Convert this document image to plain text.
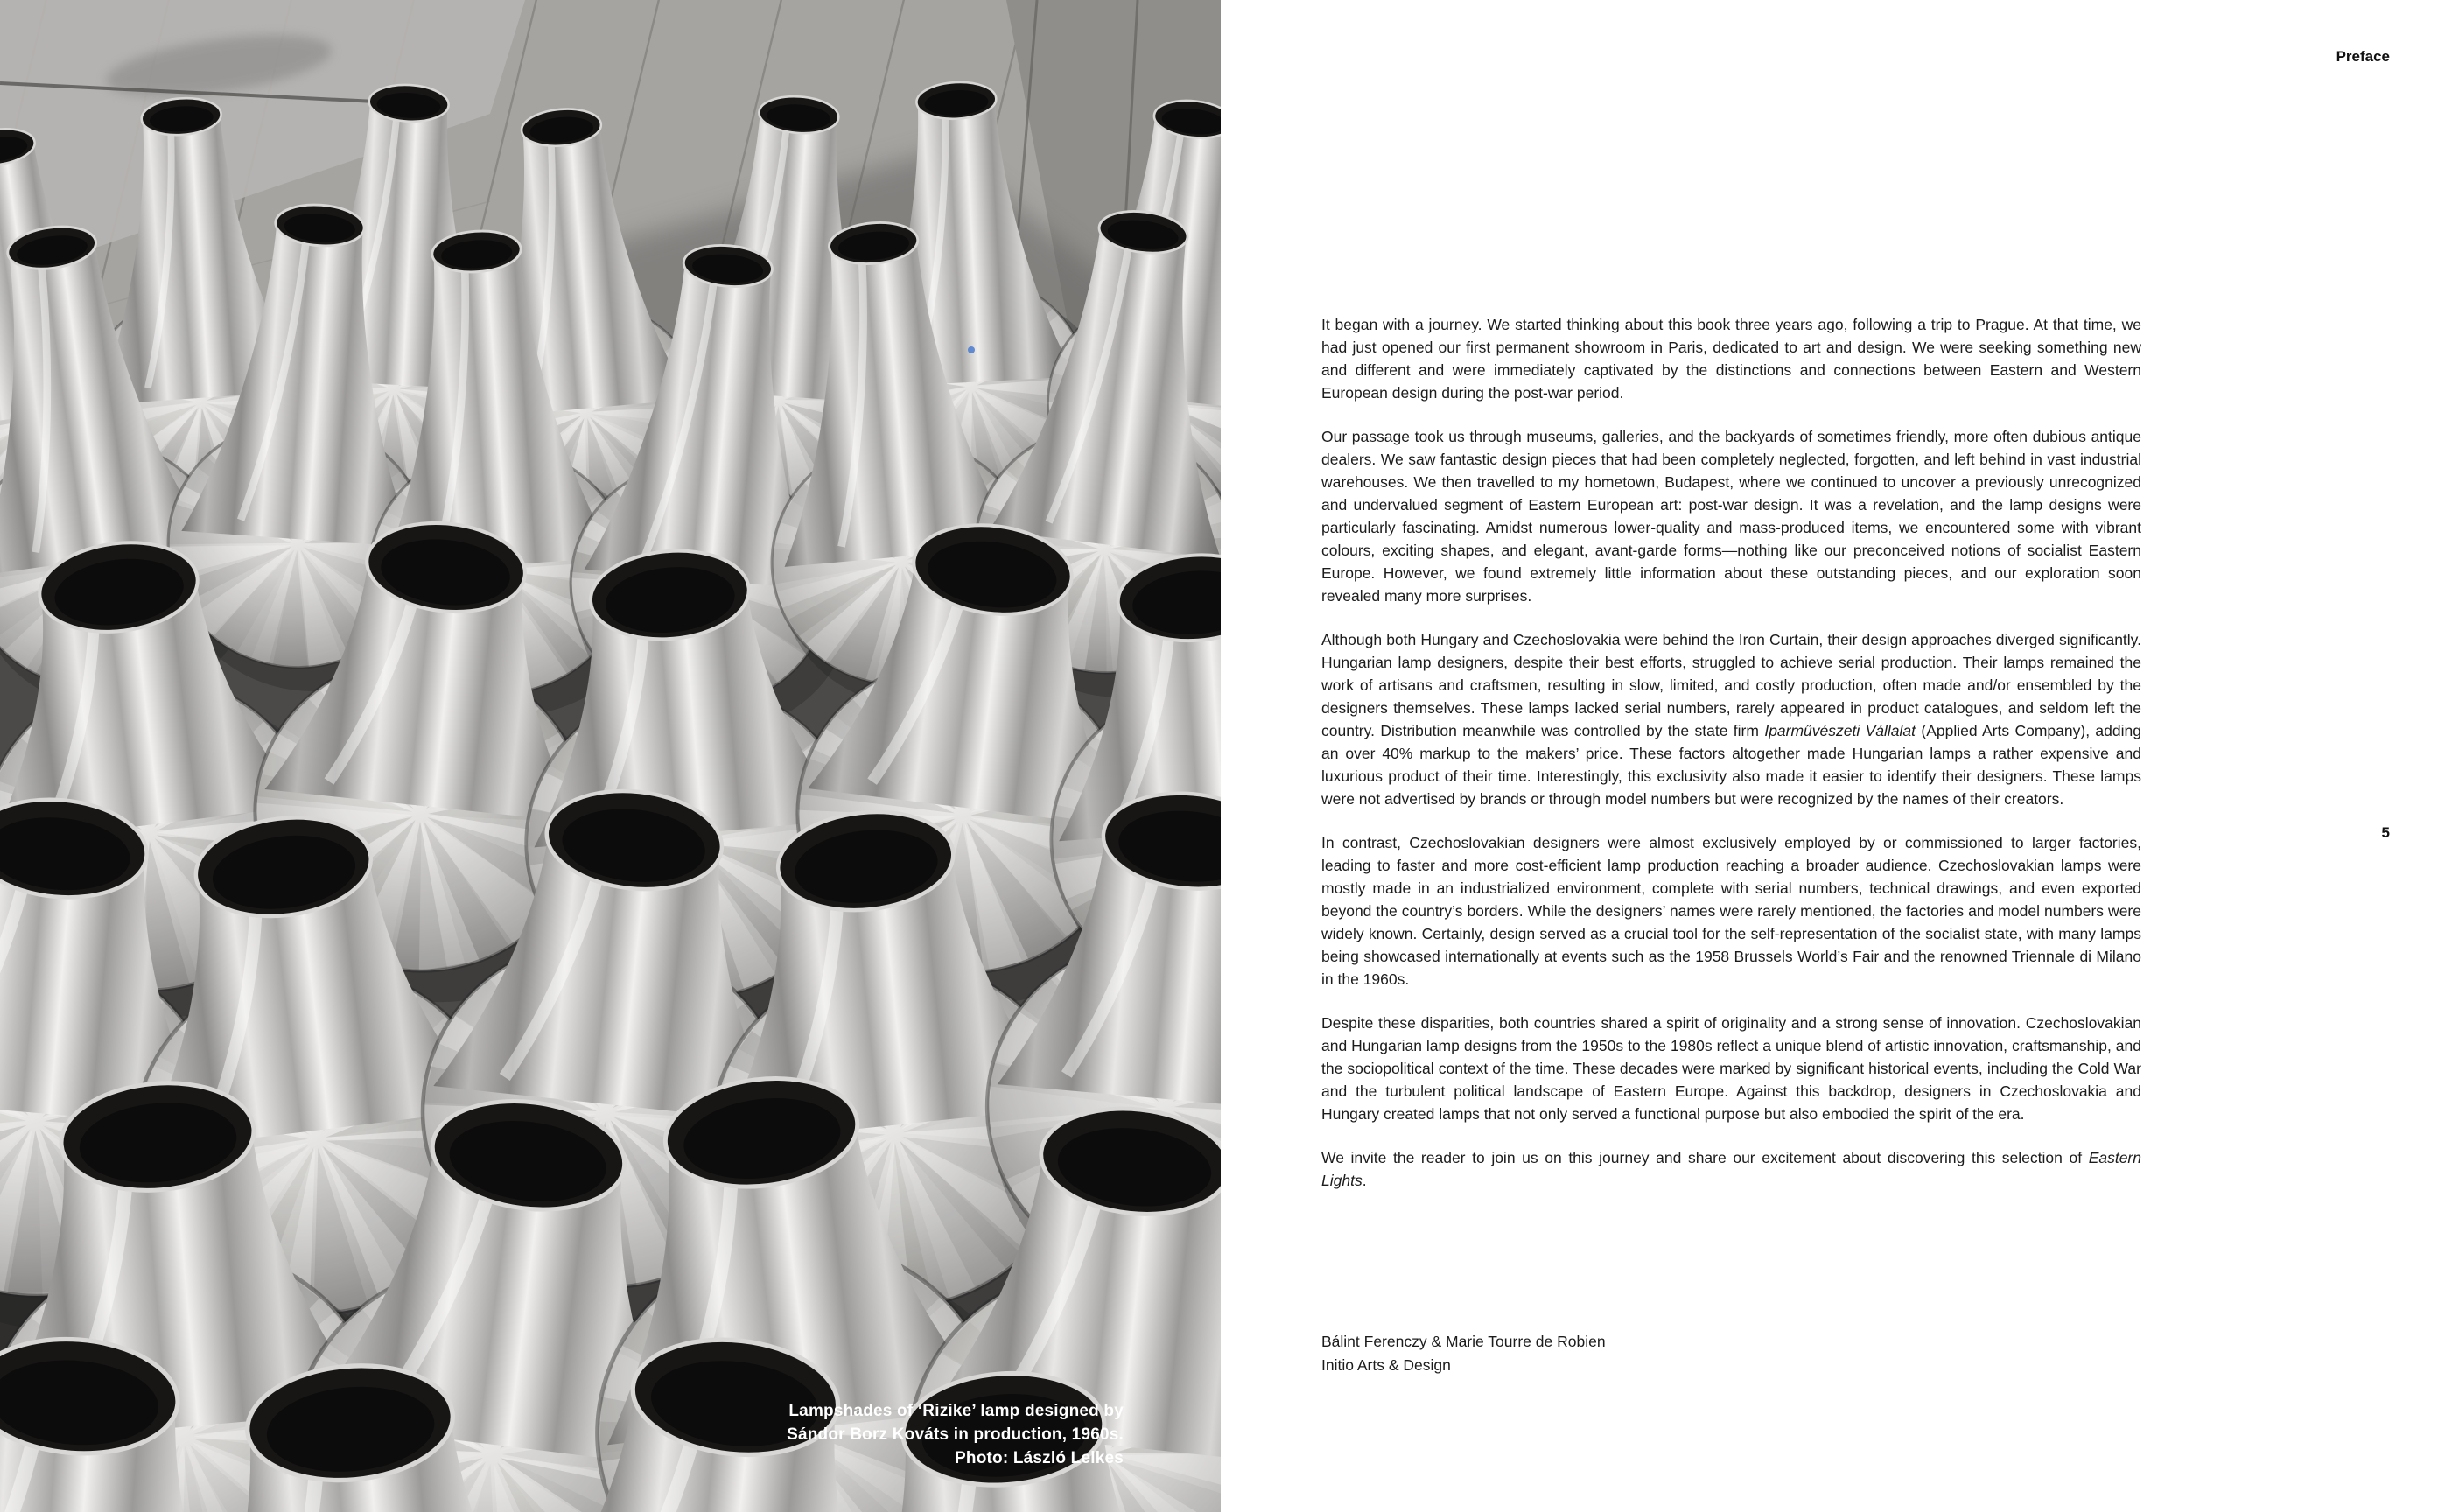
Lampshades of ‘Rizike’ lamp designed by
Sándor Borz Kováts in production, 1960s.
Photo: László Lelkes
Preface

It began with a journey. We started thinking about this book three years ago, following a trip to Prague. At that time, we had just opened our first permanent showroom in Paris, dedicated to art and design. We were seeking something new and different and were immediately captivated by the distinctions and connections between Eastern and Western European design during the post-war period.

Our passage took us through museums, galleries, and the backyards of sometimes friendly, more often dubious antique dealers. We saw fantastic design pieces that had been completely neglected, forgotten, and left behind in vast industrial warehouses. We then travelled to my hometown, Budapest, where we continued to uncover a previously unrecognized and undervalued segment of Eastern European art: post-war design. It was a revelation, and the lamp designs were particularly fascinating. Amidst numerous lower-quality and mass-produced items, we encountered some with vibrant colours, exciting shapes, and elegant, avant-garde forms—nothing like our preconceived notions of socialist Eastern Europe. However, we found extremely little information about these outstanding pieces, and our exploration soon revealed many more surprises.

Although both Hungary and Czechoslovakia were behind the Iron Curtain, their design approaches diverged significantly. Hungarian lamp designers, despite their best efforts, struggled to achieve serial production. Their lamps remained the work of artisans and craftsmen, resulting in slow, limited, and costly production, often made and/or ensembled by the designers themselves. These lamps lacked serial numbers, rarely appeared in product catalogues, and seldom left the country. Distribution meanwhile was controlled by the state firm Iparművészeti Vállalat (Applied Arts Company), adding an over 40% markup to the makers’ price. These factors altogether made Hungarian lamps a rather expensive and luxurious product of their time. Interestingly, this exclusivity also made it easier to identify their designers. These lamps were not advertised by brands or through model numbers but were recognized by the names of their creators.

In contrast, Czechoslovakian designers were almost exclusively employed by or commissioned to larger factories, leading to faster and more cost-efficient lamp production reaching a broader audience. Czechoslovakian lamps were mostly made in an industrialized environment, complete with serial numbers, technical drawings, and even exported beyond the country’s borders. While the designers’ names were rarely mentioned, the factories and model numbers were widely known. Certainly, design served as a crucial tool for the self-representation of the socialist state, with many lamps being showcased internationally at events such as the 1958 Brussels World’s Fair and the renowned Triennale di Milano in the 1960s.

Despite these disparities, both countries shared a spirit of originality and a strong sense of innovation. Czechoslovakian and Hungarian lamp designs from the 1950s to the 1980s reflect a unique blend of artistic innovation, craftsmanship, and the sociopolitical context of the time. These decades were marked by significant historical events, including the Cold War and the turbulent political landscape of Eastern Europe. Against this backdrop, designers in Czechoslovakia and Hungary created lamps that not only served a functional purpose but also embodied the spirit of the era.

We invite the reader to join us on this journey and share our excitement about discovering this selection of Eastern Lights.

Bálint Ferenczy & Marie Tourre de Robien
Initio Arts & Design
5
